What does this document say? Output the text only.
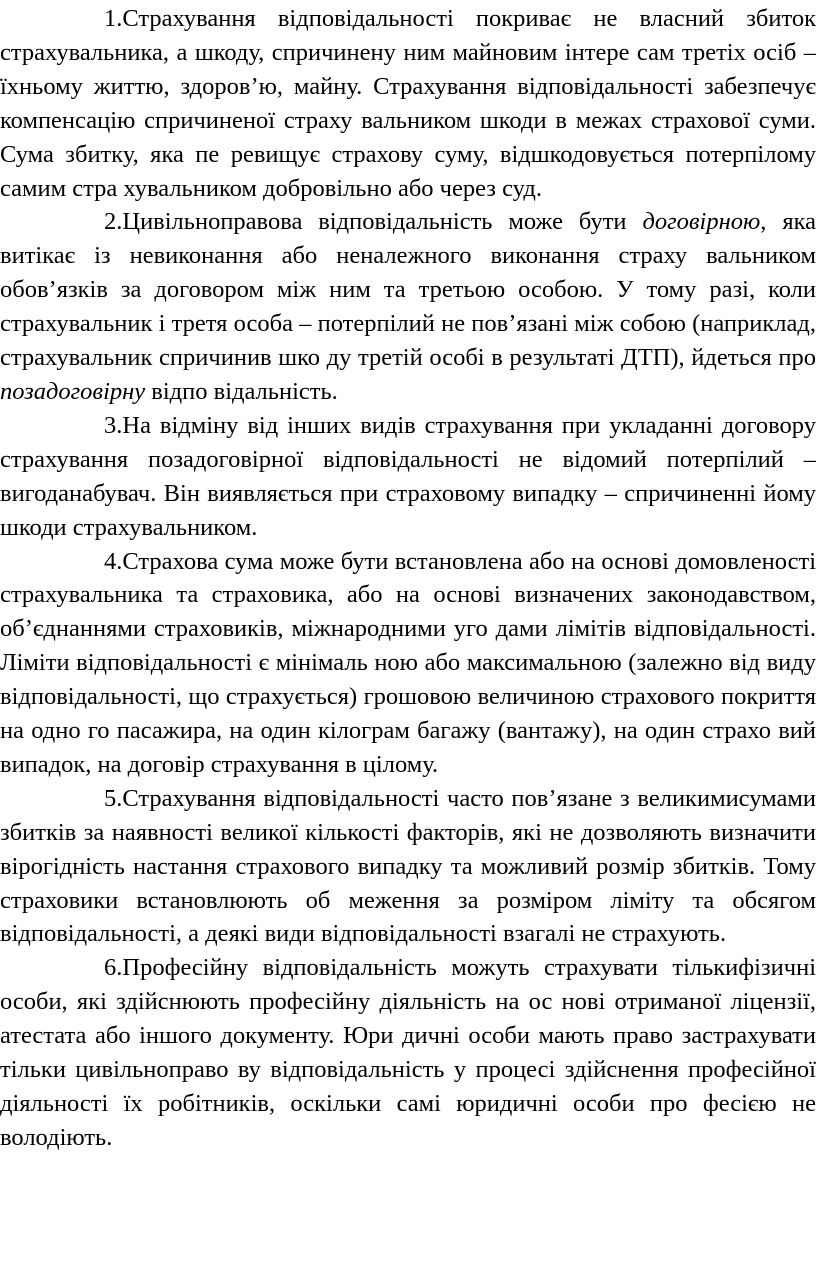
1.Страхування відповідальності покриває не власний збиток страхувальника, а шкоду, спричинену ним майновим інтере сам третіх осіб – їхньому життю, здоров’ю, майну. Страхування відповідальності забезпечує компенсацію спричиненої страху вальником шкоди в межах страхової суми. Сума збитку, яка пе ревищує страхову суму, відшкодовується потерпілому самим стра хувальником добровільно або через суд.

2.Цивільноправова відповідальність може бути договірною, яка витікає із невиконання або неналежного виконання страху вальником обов’язків за договором між ним та третьою особою. У тому разі, коли страхувальник і третя особа – потерпілий не пов’язані між собою (наприклад, страхувальник спричинив шко ду третій особі в результаті ДТП), йдеться про позадоговірну відпо відальність.

3.На відміну від інших видів страхування при укладанні договору страхування позадоговірної відповідальності не відомий потерпілий – вигоданабувач. Він виявляється при страховому випадку – спричиненні йому шкоди страхувальником.

4.Страхова сума може бути встановлена або на основі домовленості страхувальника та страховика, або на основі визначених законодавством, об’єднаннями страховиків, міжнародними уго дами лімітів відповідальності. Ліміти відповідальності є мінімаль ною або максимальною (залежно від виду відповідальності, що страхується) грошовою величиною страхового покриття на одно го пасажира, на один кілограм багажу (вантажу), на один страхо вий випадок, на договір страхування в цілому.

5.Страхування відповідальності часто пов’язане з великимисумами збитків за наявності великої кількості факторів, які не дозволяють визначити вірогідність настання страхового випадку та можливий розмір збитків. Тому страховики встановлюють об меження за розміром ліміту та обсягом відповідальності, а деякі види відповідальності взагалі не страхують.

6.Професійну відповідальність можуть страхувати тількифізичні особи, які здійснюють професійну діяльність на ос нові отриманої ліцензії, атестата або іншого документу. Юри дичні особи мають право застрахувати тільки цивільноправо ву відповідальність у процесі здійснення професійної діяльності їх робітників, оскільки самі юридичні особи про фесією не володіють.
